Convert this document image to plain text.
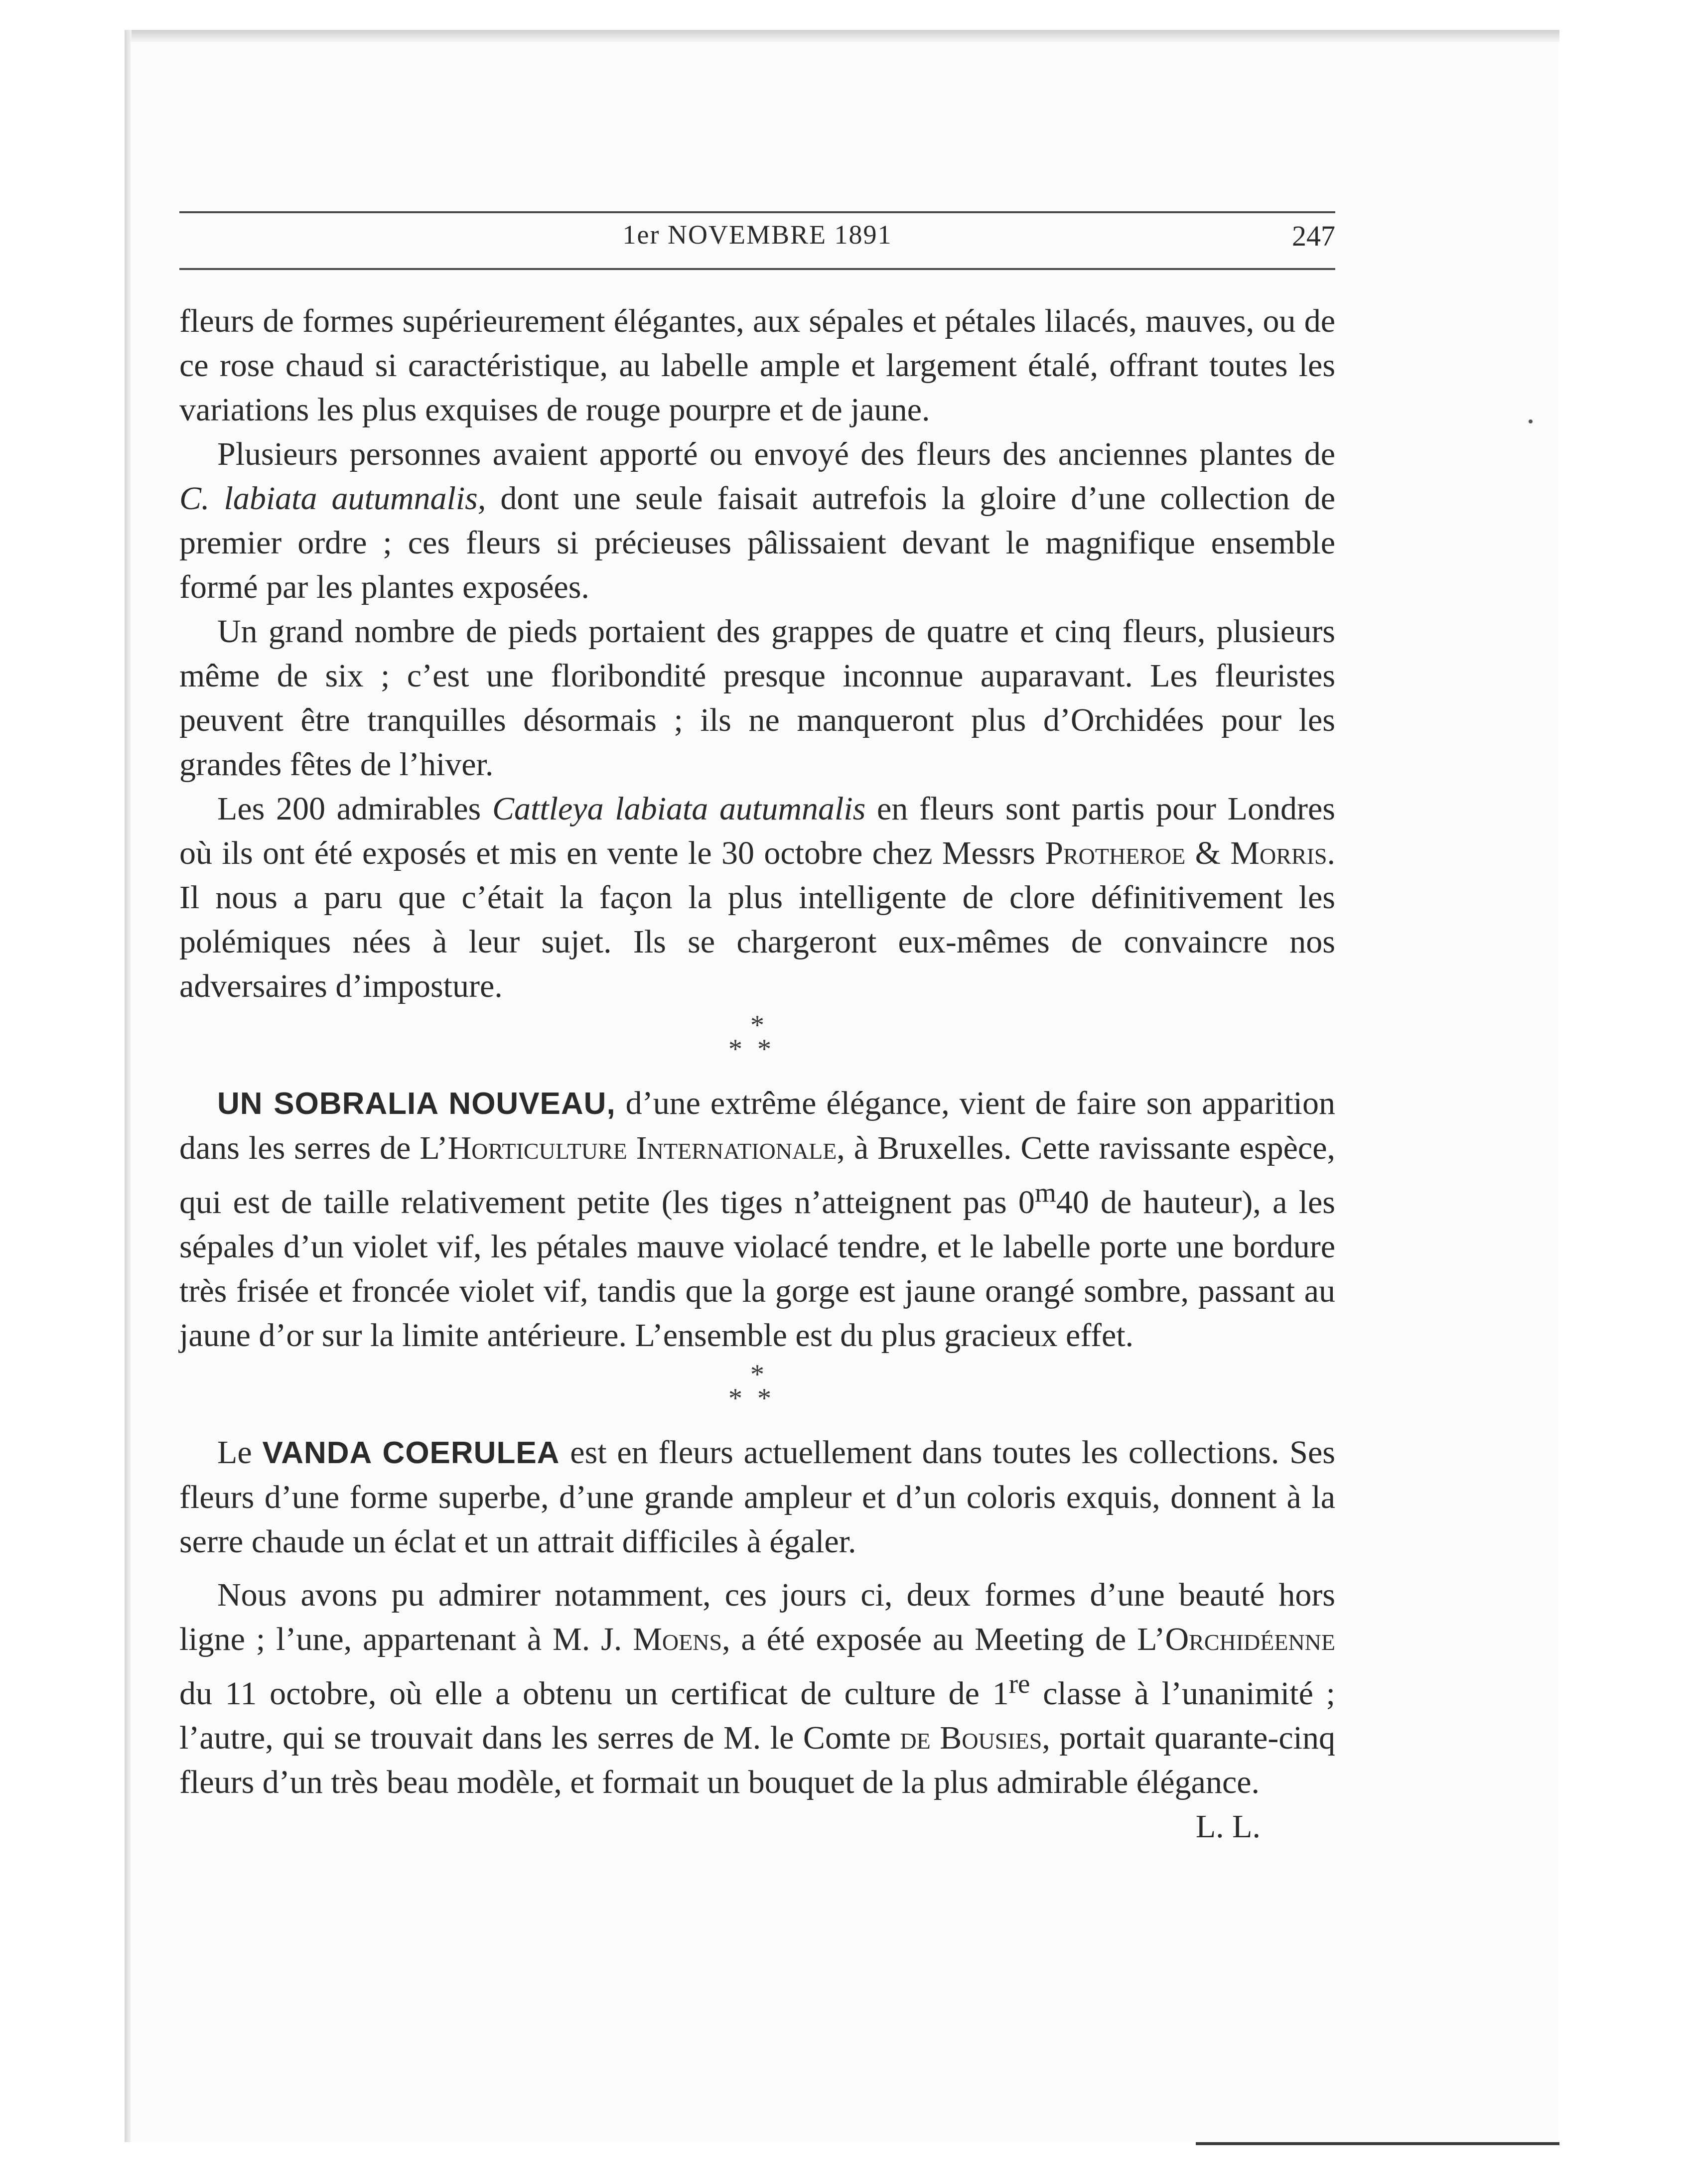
1er NOVEMBRE 1891	247

fleurs de formes supérieurement élégantes, aux sépales et pétales lilacés, mauves, ou de ce rose chaud si caractéristique, au labelle ample et largement étalé, offrant toutes les variations les plus exquises de rouge pourpre et de jaune.

Plusieurs personnes avaient apporté ou envoyé des fleurs des anciennes plantes de C. labiata autumnalis, dont une seule faisait autrefois la gloire d’une collection de premier ordre ; ces fleurs si précieuses pâlissaient devant le magnifique ensemble formé par les plantes exposées.

Un grand nombre de pieds portaient des grappes de quatre et cinq fleurs, plusieurs même de six ; c’est une floribondité presque inconnue auparavant. Les fleuristes peuvent être tranquilles désormais ; ils ne manqueront plus d’Orchidées pour les grandes fêtes de l’hiver.

Les 200 admirables Cattleya labiata autumnalis en fleurs sont partis pour Londres où ils ont été exposés et mis en vente le 30 octobre chez Messrs Protheroe & Morris. Il nous a paru que c’était la façon la plus intelligente de clore définitivement les polémiques nées à leur sujet. Ils se chargeront eux-mêmes de convaincre nos adversaires d’imposture.

*
**

UN SOBRALIA NOUVEAU, d’une extrême élégance, vient de faire son apparition dans les serres de L’Horticulture Internationale, à Bruxelles. Cette ravissante espèce, qui est de taille relativement petite (les tiges n’atteignent pas 0$^m$40 de hauteur), a les sépales d’un violet vif, les pétales mauve violacé tendre, et le labelle porte une bordure très frisée et froncée violet vif, tandis que la gorge est jaune orangé sombre, passant au jaune d’or sur la limite antérieure. L’ensemble est du plus gracieux effet.

*
**

Le VANDA COERULEA est en fleurs actuellement dans toutes les collections. Ses fleurs d’une forme superbe, d’une grande ampleur et d’un coloris exquis, donnent à la serre chaude un éclat et un attrait difficiles à égaler.

Nous avons pu admirer notamment, ces jours ci, deux formes d’une beauté hors ligne ; l’une, appartenant à M. J. Moens, a été exposée au Meeting de L’Orchidéenne du 11 octobre, où elle a obtenu un certificat de culture de 1re classe à l’unanimité ; l’autre, qui se trouvait dans les serres de M. le Comte de Bousies, portait quarante-cinq fleurs d’un très beau modèle, et formait un bouquet de la plus admirable élégance.
L. L.
